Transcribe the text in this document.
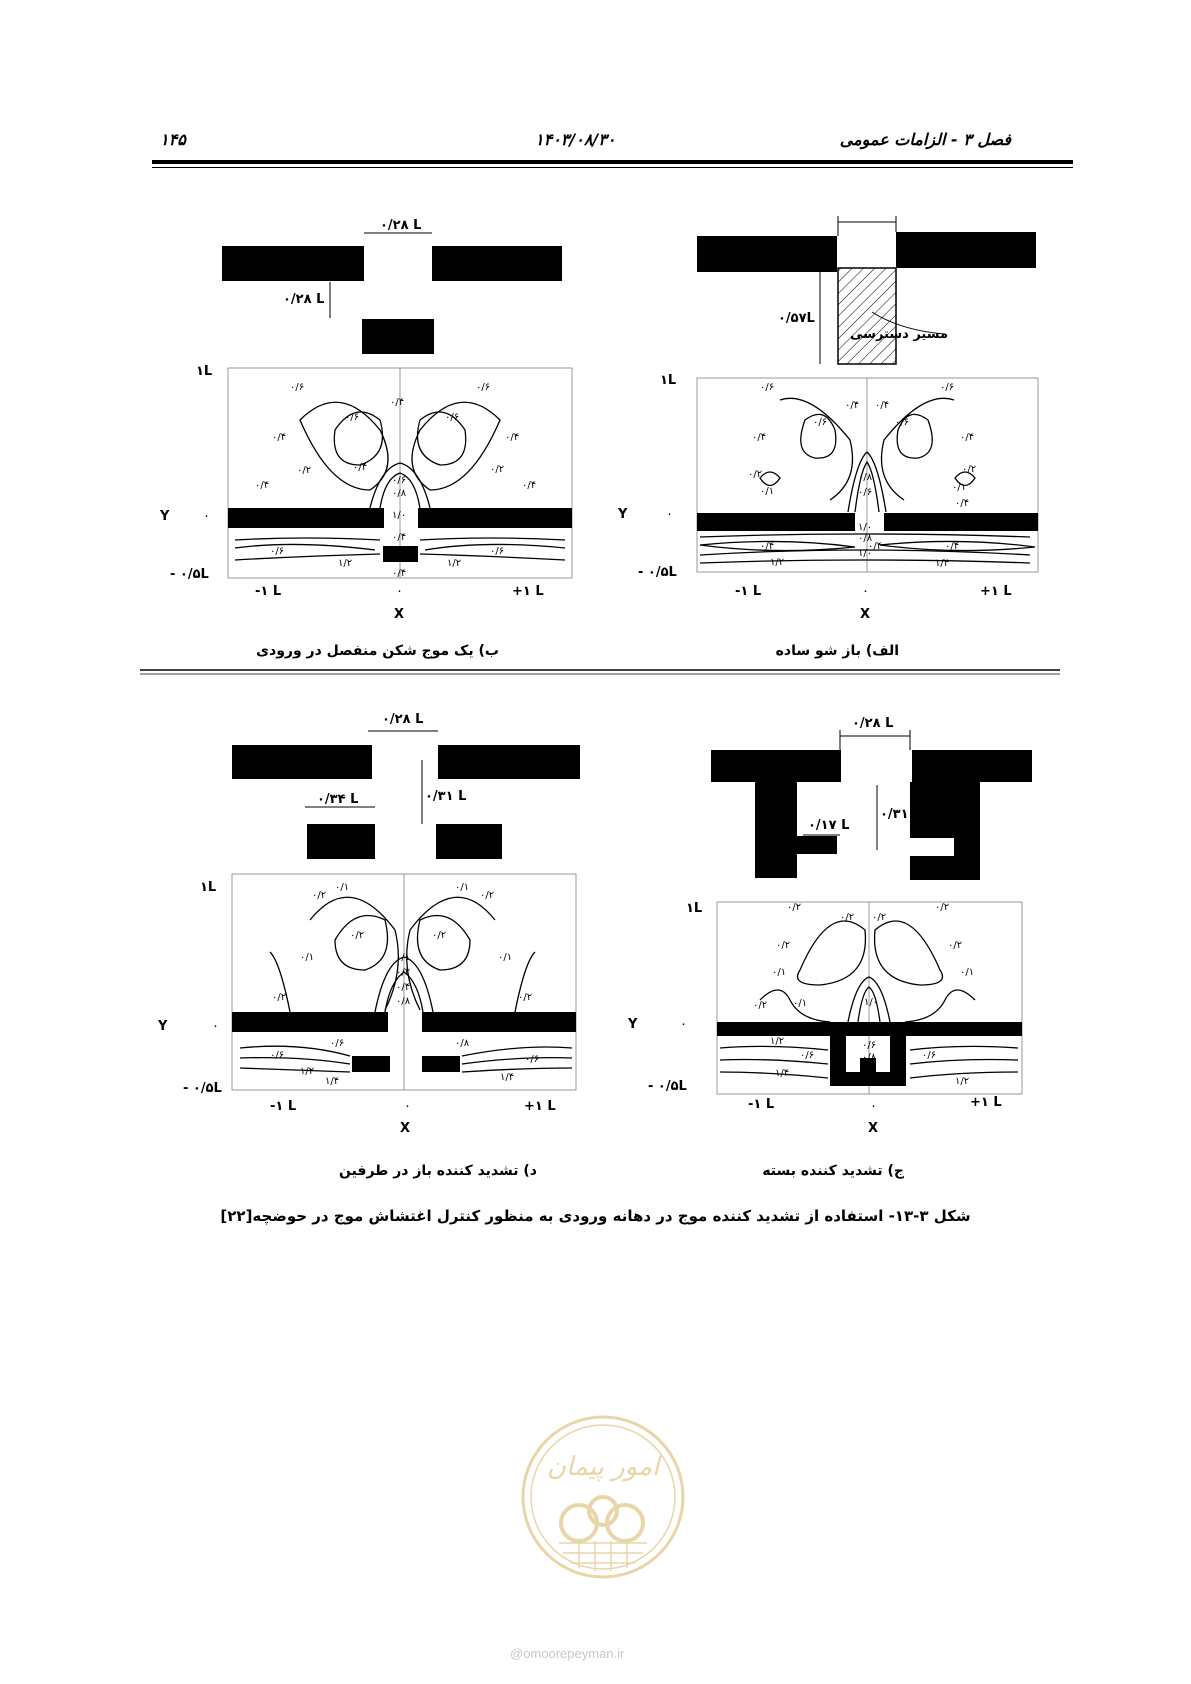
فصل ۳ - الزامات عمومی
۱۴۰۳/۰۸/۳۰
۱۴۵
۰/۵۷L
مسیر دسترسی
۰/۶	۰/۶
۰/۶	۰/۶
۰/۴ ۰/۴
۰/۴	۰/۴
۰/۲	۰/۲
۰/۱	۰/۱
۰/۴
۰/۸
۰/۶
۱/۰
۰/۴	۰/۴
۰/۴
۰/۸
۱/۲
۱/۰
۱/۴
۱L
Y	۰
- ۰/۵L
-۱ L	۰	+۱ L
X
۰/۲۸ L
۰/۲۸ L
۰/۶	۰/۶
۰/۶	۰/۶
۰/۴	۰/۴
۰/۴
۰/۲	۰/۲
۰/۴	۰/۴
۰/۴
۰/۶
۰/۸
۱/۰
۰/۶	۰/۶
۱/۲	۱/۲
۰/۴
۰/۴
۱L
Y	۰
- ۰/۵L
-۱ L	۰	+۱ L
X
۰/۲۸ L
۰/۱۷ L
۰/۳۱ L
۰/۲	۰/۲
۰/۲	۰/۲
۰/۲ ۰/۲
۰/۱	۰/۱
۰/۱
۰/۲	۱/۰
۰/۶
۰/۸
۱/۲
۱/۴
۰/۶	۰/۶
۱/۲
۱/۲
۱L
Y	۰
- ۰/۵L
-۱ L	۰	+۱ L
X
۰/۲۸ L
۰/۳۴ L	۰/۳۱ L
۰/۲
۰/۱	۰/۱
۰/۲
۰/۲	۰/۲
۰/۱	۰/۱
۰/۲	۰/۲
۰/۱
۰/۲
۰/۴
۰/۸
۰/۶	۰/۸
۰/۶	۰/۶
۱/۲
۱/۴	۱/۴
۱L
Y	۰
- ۰/۵L
-۱ L	۰	+۱ L
X
الف) باز شو ساده
ب) یک موج شکن منفصل در ورودی
ج) تشدید کننده بسته
د) تشدید کننده باز در طرفین
شکل ۳-۱۳- استفاده از تشدید کننده موج در دهانه ورودی به منظور کنترل اغتشاش موج در حوضچه[۲۲]
امور پیمان
@omoorepeyman.ir
